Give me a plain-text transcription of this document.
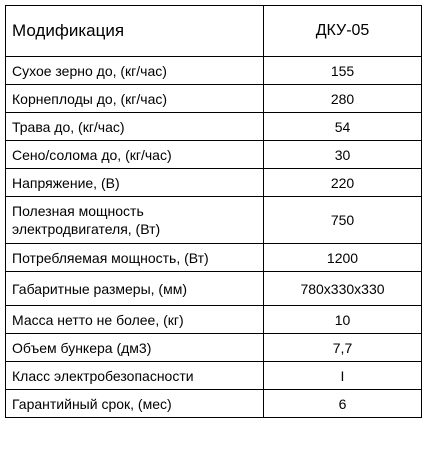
Модификация	ДКУ-05
Сухое зерно до, (кг/час)	155
Корнеплоды до, (кг/час)	280
Трава до, (кг/час)	54
Сено/солома до, (кг/час)	30
Напряжение, (В)	220
Полезная мощность электродвигателя, (Вт)	750
Потребляемая мощность, (Вт)	1200
Габаритные размеры, (мм)	780х330х330
Масса нетто не более, (кг)	10
Объем бункера (дм3)	7,7
Класс электробезопасности	I
Гарантийный срок, (мес)	6
